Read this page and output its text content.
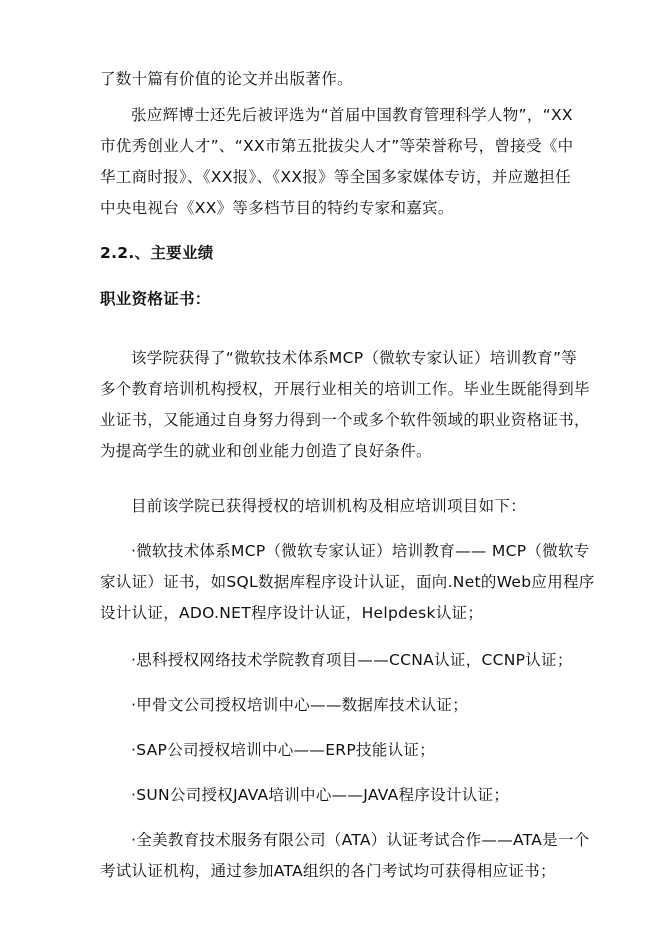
了数十篇有价值的论文并出版著作。
张应辉博士还先后被评选为“首届中国教育管理科学人物”，“XX
市优秀创业人才”、“XX市第五批拔尖人才”等荣誉称号，曾接受《中
华工商时报》、《XX报》、《XX报》等全国多家媒体专访，并应邀担任
中央电视台《XX》等多档节目的特约专家和嘉宾。
2.2.、主要业绩
职业资格证书：
该学院获得了“微软技术体系MCP（微软专家认证）培训教育”等
多个教育培训机构授权，开展行业相关的培训工作。毕业生既能得到毕
业证书，又能通过自身努力得到一个或多个软件领域的职业资格证书，
为提高学生的就业和创业能力创造了良好条件。
目前该学院已获得授权的培训机构及相应培训项目如下：
·微软技术体系MCP（微软专家认证）培训教育—— MCP（微软专
家认证）证书，如SQL数据库程序设计认证，面向.Net的Web应用程序
设计认证，ADO.NET程序设计认证，Helpdesk认证；
·思科授权网络技术学院教育项目——CCNA认证，CCNP认证；
·甲骨文公司授权培训中心——数据库技术认证；
·SAP公司授权培训中心——ERP技能认证；
·SUN公司授权JAVA培训中心——JAVA程序设计认证；
·全美教育技术服务有限公司（ATA）认证考试合作——ATA是一个
考试认证机构，通过参加ATA组织的各门考试均可获得相应证书；
